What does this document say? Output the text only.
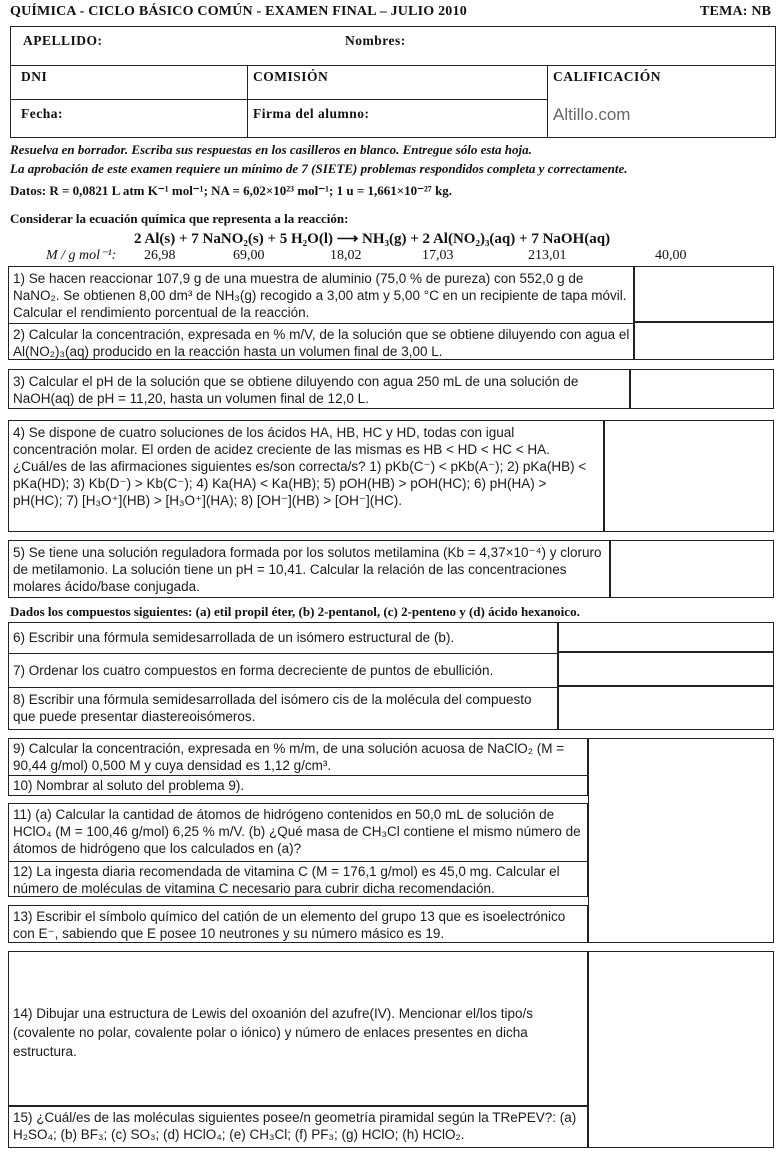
QUÍMICA - CICLO BÁSICO COMÚN - EXAMEN FINAL – JULIO 2010	TEMA: NB
APELLIDO:	Nombres:
DNI	COMISIÓN	CALIFICACIÓN
Fecha:	Firma del alumno:	Altillo.com
Resuelva en borrador. Escriba sus respuestas en los casilleros en blanco. Entregue sólo esta hoja.
La aprobación de este examen requiere un mínimo de 7 (SIETE) problemas respondidos completa y correctamente.
Datos: R = 0,0821 L atm K⁻¹ mol⁻¹; NA = 6,02×10²³ mol⁻¹; 1 u = 1,661×10⁻²⁷ kg.
Considerar la ecuación química que representa a la reacción:
2 Al(s) + 7 NaNO₂(s) + 5 H₂O(l) ⟶ NH₃(g) + 2 Al(NO₂)₃(aq) + 7 NaOH(aq)
M / g mol⁻¹: 26,98	69,00	18,02	17,03	213,01	40,00
1) Se hacen reaccionar 107,9 g de una muestra de aluminio (75,0 % de pureza) con 552,0 g de NaNO₂. Se obtienen 8,00 dm³ de NH₃(g) recogido a 3,00 atm y 5,00 °C en un recipiente de tapa móvil. Calcular el rendimiento porcentual de la reacción.
2) Calcular la concentración, expresada en % m/V, de la solución que se obtiene diluyendo con agua el Al(NO₂)₃(aq) producido en la reacción hasta un volumen final de 3,00 L.
3) Calcular el pH de la solución que se obtiene diluyendo con agua 250 mL de una solución de NaOH(aq) de pH = 11,20, hasta un volumen final de 12,0 L.
4) Se dispone de cuatro soluciones de los ácidos HA, HB, HC y HD, todas con igual concentración molar. El orden de acidez creciente de las mismas es HB < HD < HC < HA. ¿Cuál/es de las afirmaciones siguientes es/son correcta/s? 1) pKb(C⁻) < pKb(A⁻); 2) pKa(HB) < pKa(HD); 3) Kb(D⁻) > Kb(C⁻); 4) Ka(HA) < Ka(HB); 5) pOH(HB) > pOH(HC); 6) pH(HA) > pH(HC); 7) [H₃O⁺](HB) > [H₃O⁺](HA); 8) [OH⁻](HB) > [OH⁻](HC).
5) Se tiene una solución reguladora formada por los solutos metilamina (Kb = 4,37×10⁻⁴) y cloruro de metilamonio. La solución tiene un pH = 10,41. Calcular la relación de las concentraciones molares ácido/base conjugada.
Dados los compuestos siguientes: (a) etil propil éter, (b) 2-pentanol, (c) 2-penteno y (d) ácido hexanoico.
6) Escribir una fórmula semidesarrollada de un isómero estructural de (b).
7) Ordenar los cuatro compuestos en forma decreciente de puntos de ebullición.
8) Escribir una fórmula semidesarrollada del isómero cis de la molécula del compuesto que puede presentar diastereoisómeros.
9) Calcular la concentración, expresada en % m/m, de una solución acuosa de NaClO₂ (M = 90,44 g/mol) 0,500 M y cuya densidad es 1,12 g/cm³.
10) Nombrar al soluto del problema 9).
11) (a) Calcular la cantidad de átomos de hidrógeno contenidos en 50,0 mL de solución de HClO₄ (M = 100,46 g/mol) 6,25 % m/V. (b) ¿Qué masa de CH₃Cl contiene el mismo número de átomos de hidrógeno que los calculados en (a)?
12) La ingesta diaria recomendada de vitamina C (M = 176,1 g/mol) es 45,0 mg. Calcular el número de moléculas de vitamina C necesario para cubrir dicha recomendación.
13) Escribir el símbolo químico del catión de un elemento del grupo 13 que es isoelectrónico con E⁻, sabiendo que E posee 10 neutrones y su número másico es 19.
14) Dibujar una estructura de Lewis del oxoanión del azufre(IV). Mencionar el/los tipo/s (covalente no polar, covalente polar o iónico) y número de enlaces presentes en dicha estructura.
15) ¿Cuál/es de las moléculas siguientes posee/n geometría piramidal según la TRePEV?: (a) H₂SO₄; (b) BF₃; (c) SO₃; (d) HClO₄; (e) CH₃Cl; (f) PF₃; (g) HClO; (h) HClO₂.
